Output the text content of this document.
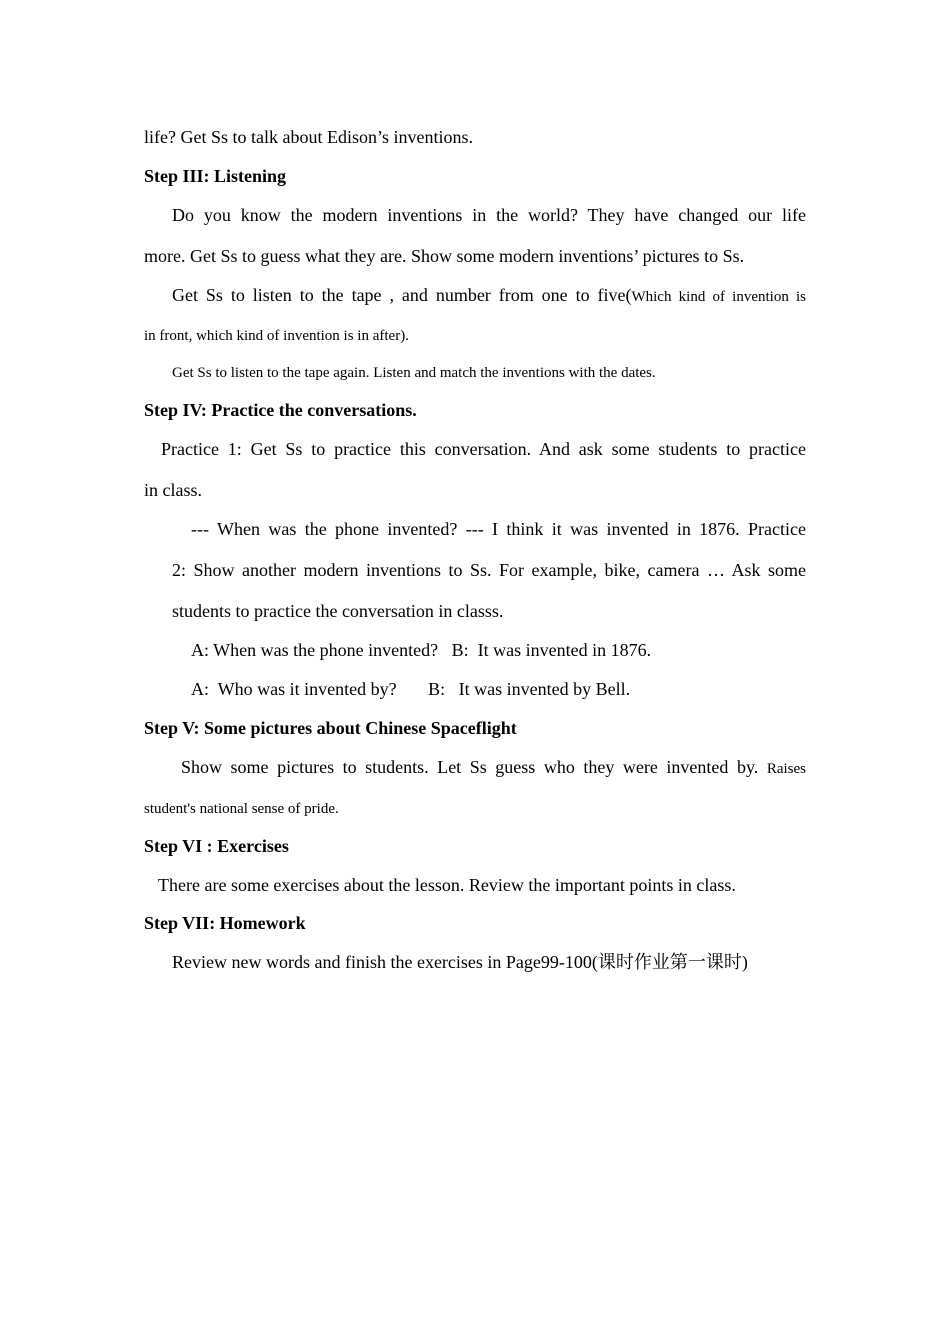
life? Get Ss to talk about Edison’s inventions.
Step III: Listening
Do you know the modern inventions in the world? They have changed our life
more. Get Ss to guess what they are. Show some modern inventions’ pictures to Ss.
Get Ss to listen to the tape , and number from one to five(Which kind of invention is
in front, which kind of invention is in after).
Get Ss to listen to the tape again. Listen and match the inventions with the dates.
Step IV: Practice the conversations.
Practice 1: Get Ss to practice this conversation. And ask some students to practice
in class.
--- When was the phone invented? --- I think it was invented in 1876. Practice
2: Show another modern inventions to Ss. For example, bike, camera … Ask some
students to practice the conversation in classs.
A: When was the phone invented?   B:  It was invented in 1876.
A:  Who was it invented by?       B:   It was invented by Bell.
Step V: Some pictures about Chinese Spaceflight
Show some pictures to students. Let Ss guess who they were invented by. Raises
student's national sense of pride.
Step VI : Exercises
There are some exercises about the lesson. Review the important points in class.
Step VII: Homework
Review new words and finish the exercises in Page99-100(课时作业第一课时)
